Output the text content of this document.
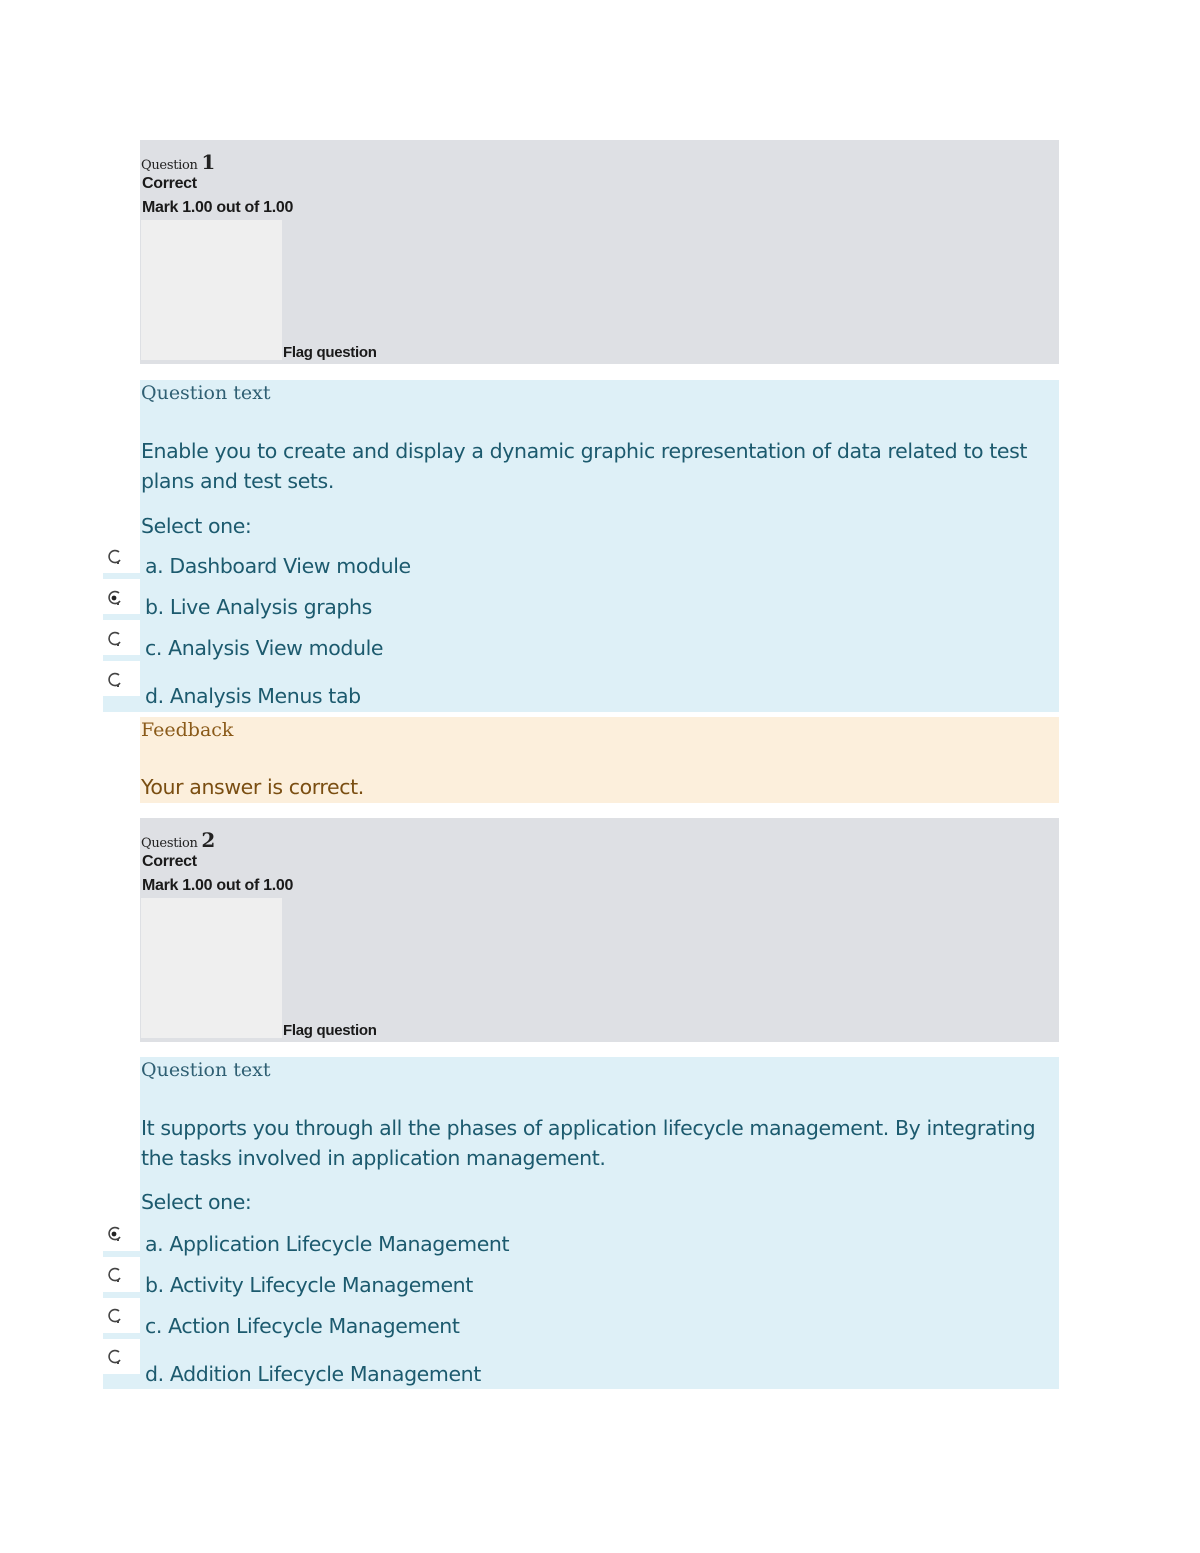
Question 1
Correct
Mark 1.00 out of 1.00
Flag question
Question text
Enable you to create and display a dynamic graphic representation of data related to test plans and test sets.
Select one:
a. Dashboard View module
b. Live Analysis graphs
c. Analysis View module
d. Analysis Menus tab
Feedback
Your answer is correct.
Question 2
Correct
Mark 1.00 out of 1.00
Flag question
Question text
It supports you through all the phases of application lifecycle management. By integrating the tasks involved in application management.
Select one:
a. Application Lifecycle Management
b. Activity Lifecycle Management
c. Action Lifecycle Management
d. Addition Lifecycle Management
